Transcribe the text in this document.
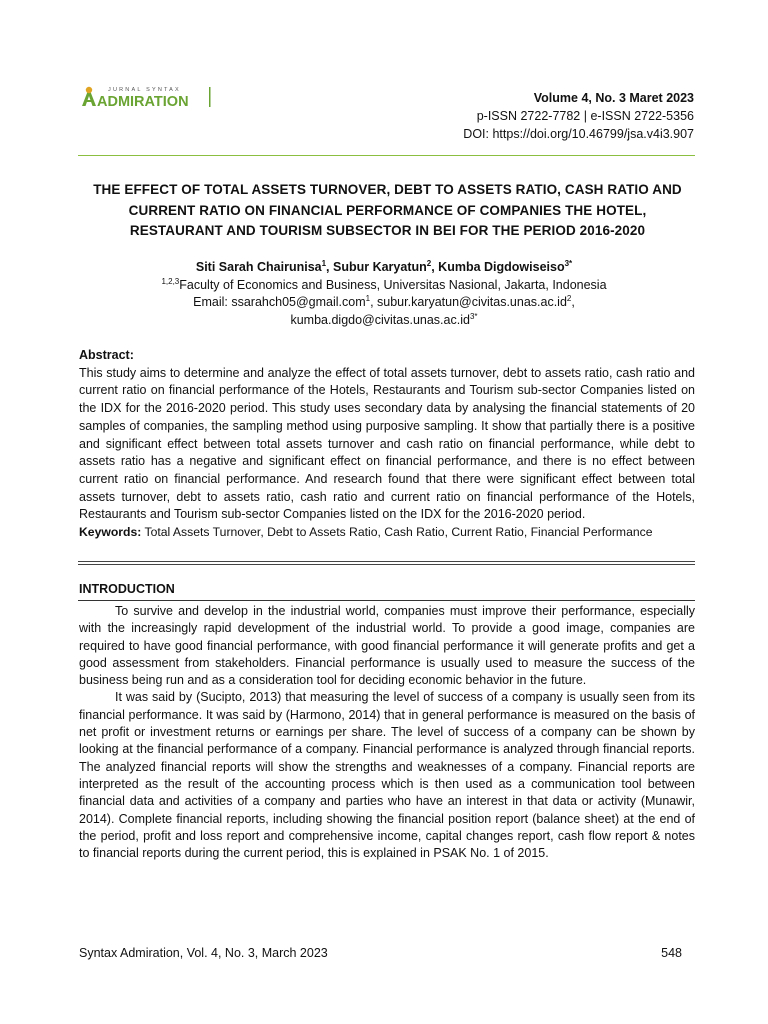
JURNAL SYNTAX
ADMIRATION	Volume 4, No. 3 Maret 2023
p-ISSN 2722-7782 | e-ISSN 2722-5356
DOI: https://doi.org/10.46799/jsa.v4i3.907
THE EFFECT OF TOTAL ASSETS TURNOVER, DEBT TO ASSETS RATIO, CASH RATIO AND CURRENT RATIO ON FINANCIAL PERFORMANCE OF COMPANIES THE HOTEL, RESTAURANT AND TOURISM SUBSECTOR IN BEI FOR THE PERIOD 2016-2020
Siti Sarah Chairunisa$^1$, Subur Karyatun$^2$, Kumba Digdowiseiso$^{3*}$
$^{1,2,3}$Faculty of Economics and Business, Universitas Nasional, Jakarta, Indonesia
Email: ssarahch05@gmail.com$^1$, $subur.karyatun@civitas.unas.ac.id^2$,
$kumba.digdo@civitas.unas.ac.id^{3*}$
Abstract:

This study aims to determine and analyze the effect of total assets turnover, debt to assets ratio, cash ratio and current ratio on financial performance of the Hotels, Restaurants and Tourism sub-sector Companies listed on the IDX for the 2016-2020 period. This study uses secondary data by analysing the financial statements of 20 samples of companies, the sampling method using purposive sampling. It show that partially there is a positive and significant effect between total assets turnover and cash ratio on financial performance, while debt to assets ratio has a negative and significant effect on financial performance, and there is no effect between current ratio on financial performance. And research found that there were significant effect between total assets turnover, debt to assets ratio, cash ratio and current ratio on financial performance of the Hotels, Restaurants and Tourism sub-sector Companies listed on the IDX for the 2016-2020 period.

Keywords: Total Assets Turnover, Debt to Assets Ratio, Cash Ratio, Current Ratio, Financial Performance
INTRODUCTION

To survive and develop in the industrial world, companies must improve their performance, especially with the increasingly rapid development of the industrial world. To provide a good image, companies are required to have good financial performance, with good financial performance it will generate profits and get a good assessment from stakeholders. Financial performance is usually used to measure the success of the business being run and as a consideration tool for deciding economic behavior in the future.

It was said by (Sucipto, 2013) that measuring the level of success of a company is usually seen from its financial performance. It was said by (Harmono, 2014) that in general performance is measured on the basis of net profit or investment returns or earnings per share. The level of success of a company can be shown by looking at the financial performance of a company. Financial performance is analyzed through financial reports. The analyzed financial reports will show the strengths and weaknesses of a company. Financial reports are interpreted as the result of the accounting process which is then used as a communication tool between financial data and activities of a company and parties who have an interest in that data or activity (Munawir, 2014). Complete financial reports, including showing the financial position report (balance sheet) at the end of the period, profit and loss report and comprehensive income, capital changes report, cash flow report & notes to financial reports during the current period, this is explained in PSAK No. 1 of 2015.

Syntax Admiration, Vol. 4, No. 3, March 2023	548
